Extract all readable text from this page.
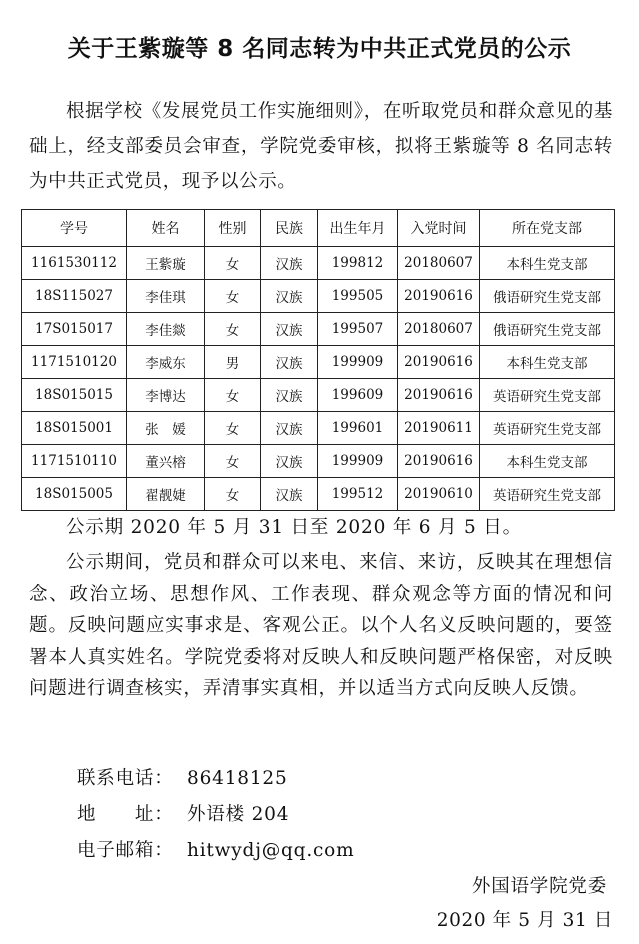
关于王紫璇等 8 名同志转为中共正式党员的公示
根据学校《发展党员工作实施细则》，在听取党员和群众意见的基础上，经支部委员会审查，学院党委审核，拟将王紫璇等 8 名同志转为中共正式党员，现予以公示。
学号	姓名	性别	民族	出生年月	入党时间	所在党支部
1161530112	王紫璇	女	汉族	199812	20180607	本科生党支部
18S115027	李佳琪	女	汉族	199505	20190616	俄语研究生党支部
17S015017	李佳燚	女	汉族	199507	20180607	俄语研究生党支部
1171510120	李威东	男	汉族	199909	20190616	本科生党支部
18S015015	李博达	女	汉族	199609	20190616	英语研究生党支部
18S015001	张　媛	女	汉族	199601	20190611	英语研究生党支部
1171510110	董兴榕	女	汉族	199909	20190616	本科生党支部
18S015005	翟靓婕	女	汉族	199512	20190610	英语研究生党支部
公示期 2020 年 5 月 31 日至 2020 年 6 月 5 日。
公示期间，党员和群众可以来电、来信、来访，反映其在理想信念、政治立场、思想作风、工作表现、群众观念等方面的情况和问题。反映问题应实事求是、客观公正。以个人名义反映问题的，要签署本人真实姓名。学院党委将对反映人和反映问题严格保密，对反映问题进行调查核实，弄清事实真相，并以适当方式向反映人反馈。
联系电话： 86418125
地　　址： 外语楼 204
电子邮箱： hitwydj@qq.com
外国语学院党委
2020 年 5 月 31 日
